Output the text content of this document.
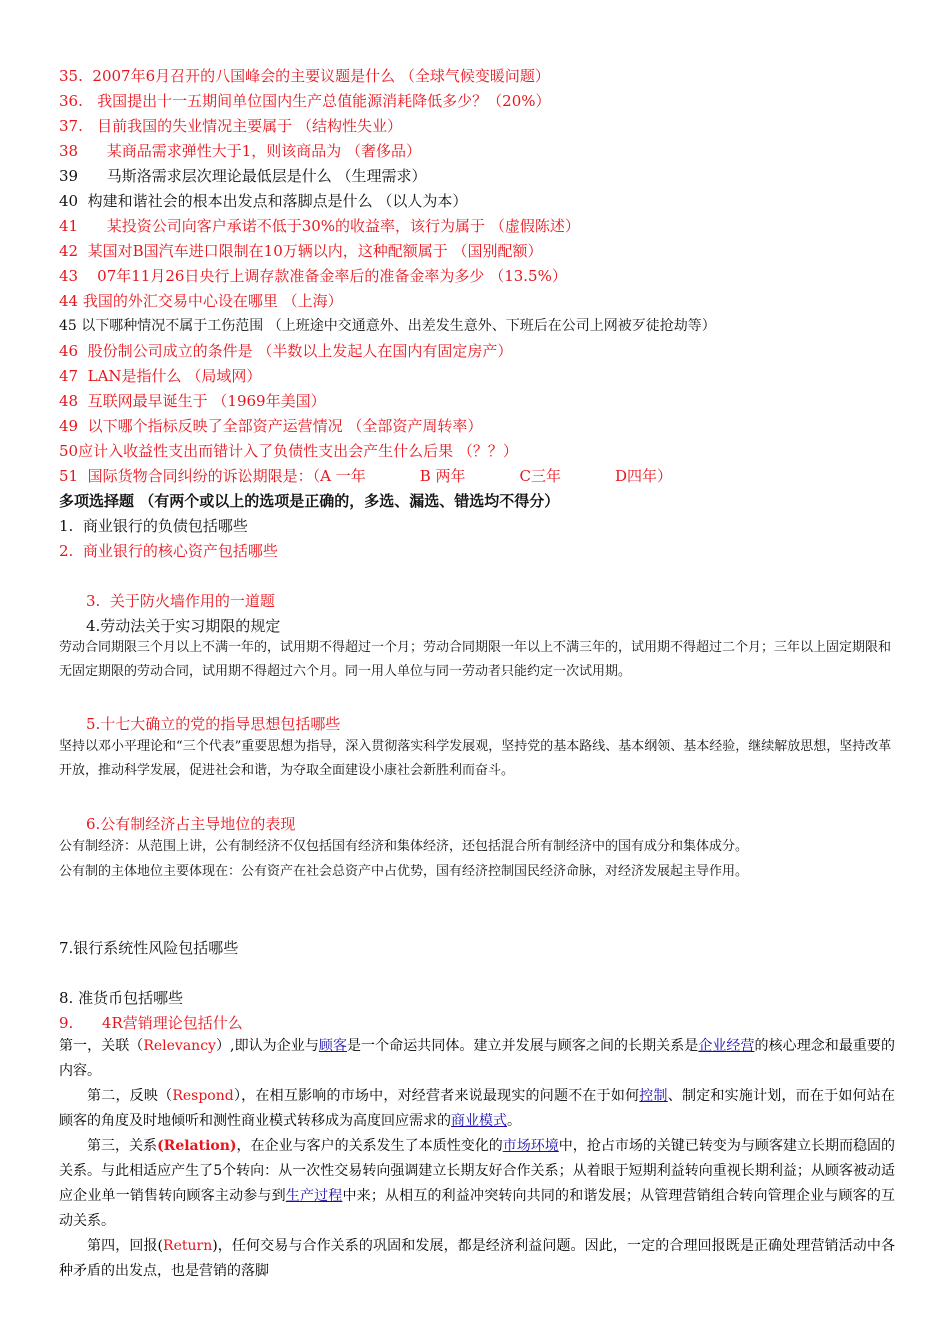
35. 2007年6月召开的八国峰会的主要议题是什么 （全球气候变暖问题）
36. 我国提出十一五期间单位国内生产总值能源消耗降低多少？（20%）
37. 目前我国的失业情况主要属于 （结构性失业）
38 某商品需求弹性大于1，则该商品为 （奢侈品）
39 马斯洛需求层次理论最低层是什么 （生理需求）
40 构建和谐社会的根本出发点和落脚点是什么 （以人为本）
41 某投资公司向客户承诺不低于30%的收益率，该行为属于 （虚假陈述）
42 某国对B国汽车进口限制在10万辆以内，这种配额属于 （国别配额）
43 07年11月26日央行上调存款准备金率后的准备金率为多少 （13.5%）
44 我国的外汇交易中心设在哪里 （上海）
45 以下哪种情况不属于工伤范围 （上班途中交通意外、出差发生意外、下班后在公司上网被歹徒抢劫等）
46 股份制公司成立的条件是 （半数以上发起人在国内有固定房产）
47 LAN是指什么 （局域网）
48 互联网最早诞生于 （1969年美国）
49 以下哪个指标反映了全部资产运营情况 （全部资产周转率）
50应计入收益性支出而错计入了负债性支出会产生什么后果 （？？）
51 国际货物合同纠纷的诉讼期限是：（A 一年	B 两年	C三年	D四年）
多项选择题 （有两个或以上的选项是正确的，多选、漏选、错选均不得分）
1.  商业银行的负债包括哪些
2.  商业银行的核心资产包括哪些
3.  关于防火墙作用的一道题
4.劳动法关于实习期限的规定
劳动合同期限三个月以上不满一年的，试用期不得超过一个月；劳动合同期限一年以上不满三年的，试用期不得超过二个月；三年以上固定期限和无固定期限的劳动合同，试用期不得超过六个月。同一用人单位与同一劳动者只能约定一次试用期。
5.十七大确立的党的指导思想包括哪些
坚持以邓小平理论和“三个代表”重要思想为指导，深入贯彻落实科学发展观，坚持党的基本路线、基本纲领、基本经验，继续解放思想，坚持改革开放，推动科学发展，促进社会和谐，为夺取全面建设小康社会新胜利而奋斗。
6.公有制经济占主导地位的表现
公有制经济：从范围上讲，公有制经济不仅包括国有经济和集体经济，还包括混合所有制经济中的国有成分和集体成分。
公有制的主体地位主要体现在：公有资产在社会总资产中占优势，国有经济控制国民经济命脉，对经济发展起主导作用。
7.银行系统性风险包括哪些
8. 准货币包括哪些
9. 4R营销理论包括什么
第一，关联（Relevancy）,即认为企业与顾客是一个命运共同体。建立并发展与顾客之间的长期关系是企业经营的核心理念和最重要的内容。
第二，反映（Respond），在相互影响的市场中，对经营者来说最现实的问题不在于如何控制、制定和实施计划，而在于如何站在顾客的角度及时地倾听和测性商业模式转移成为高度回应需求的商业模式。
第三，关系(Relation)，在企业与客户的关系发生了本质性变化的市场环境中，抢占市场的关键已转变为与顾客建立长期而稳固的关系。与此相适应产生了5个转向：从一次性交易转向强调建立长期友好合作关系；从着眼于短期利益转向重视长期利益；从顾客被动适应企业单一销售转向顾客主动参与到生产过程中来；从相互的利益冲突转向共同的和谐发展；从管理营销组合转向管理企业与顾客的互动关系。
第四，回报(Return)，任何交易与合作关系的巩固和发展，都是经济利益问题。因此，一定的合理回报既是正确处理营销活动中各种矛盾的出发点，也是营销的落脚
